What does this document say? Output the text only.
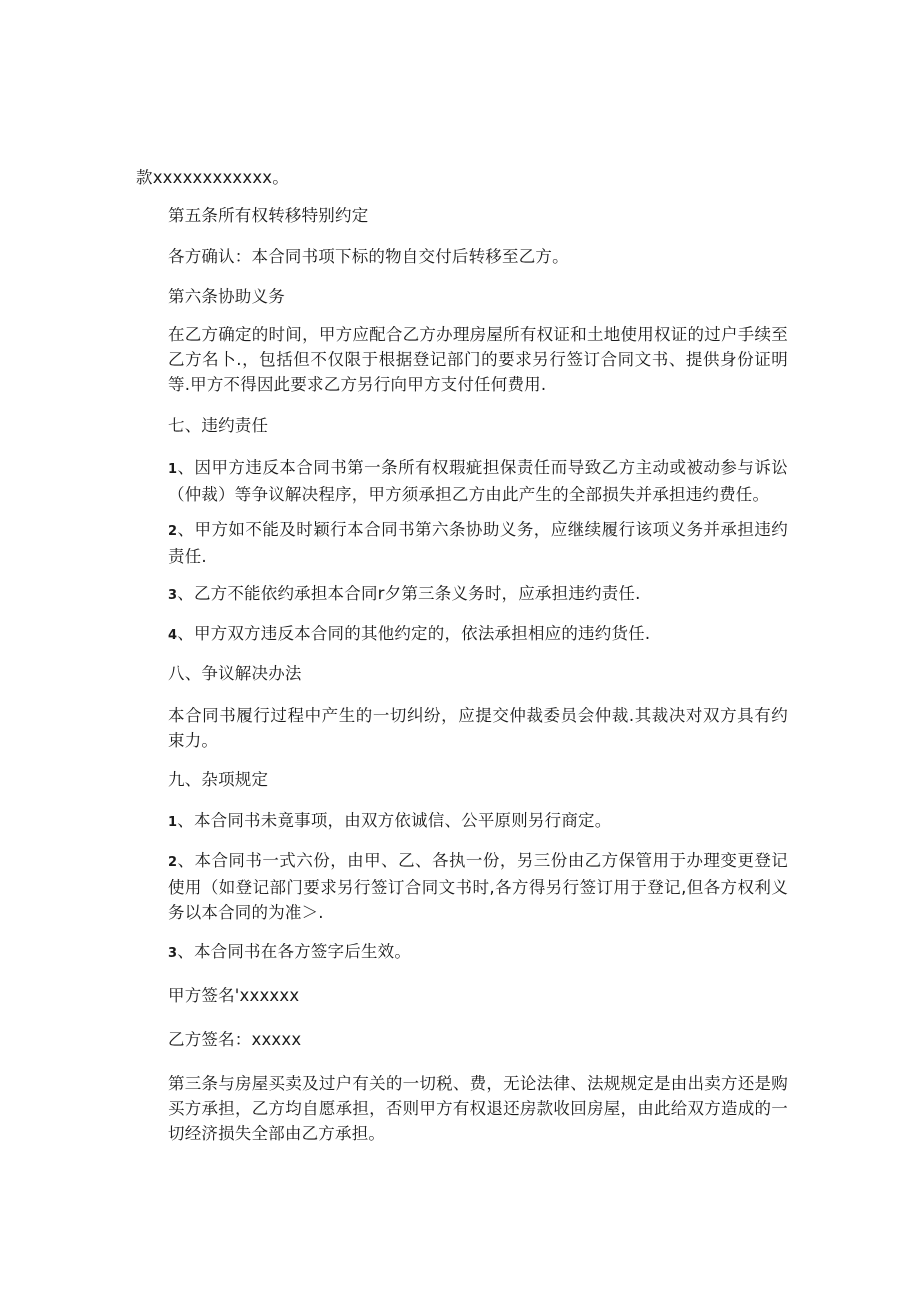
款xxxxxxxxxxxx。
第五条所有权转移特别约定
各方确认：本合同书项下标的物自交付后转移至乙方。
第六条协助义务
在乙方确定的时间，甲方应配合乙方办理房屋所有权证和土地使用权证的过户手续至乙方名卜.，包括但不仅限于根据登记部门的要求另行签订合同文书、提供身份证明等.甲方不得因此要求乙方另行向甲方支付任何费用.
七、违约责任
1、因甲方违反本合同书第一条所有权瑕疵担保责任而导致乙方主动或被动参与诉讼（仲裁）等争议解决程序，甲方须承担乙方由此产生的全部损失并承担违约费任。
2、甲方如不能及时颖行本合同书第六条协助义务，应继续履行该项义务并承担违约责任.
3、乙方不能依约承担本合同r夕第三条义务时，应承担违约责任.
4、甲方双方违反本合同的其他约定的，依法承担相应的违约货任.
八、争议解决办法
本合同书履行过程中产生的一切纠纷，应提交仲裁委员会仲裁.其裁决对双方具有约束力。
九、杂项规定
1、本合同书未竟事项，由双方依诚信、公平原则另行商定。
2、本合同书一式六份，由甲、乙、各执一份，另三份由乙方保管用于办理变更登记使用（如登记部门要求另行签订合同文书时,各方得另行签订用于登记,但各方权利义务以本合同的为准＞.
3、本合同书在各方签字后生效。
甲方签名'xxxxxx
乙方签名：xxxxx
第三条与房屋买卖及过户有关的一切税、费，无论法律、法规规定是由出卖方还是购买方承担，乙方均自愿承担，否则甲方有权退还房款收回房屋，由此给双方造成的一切经济损失全部由乙方承担。
